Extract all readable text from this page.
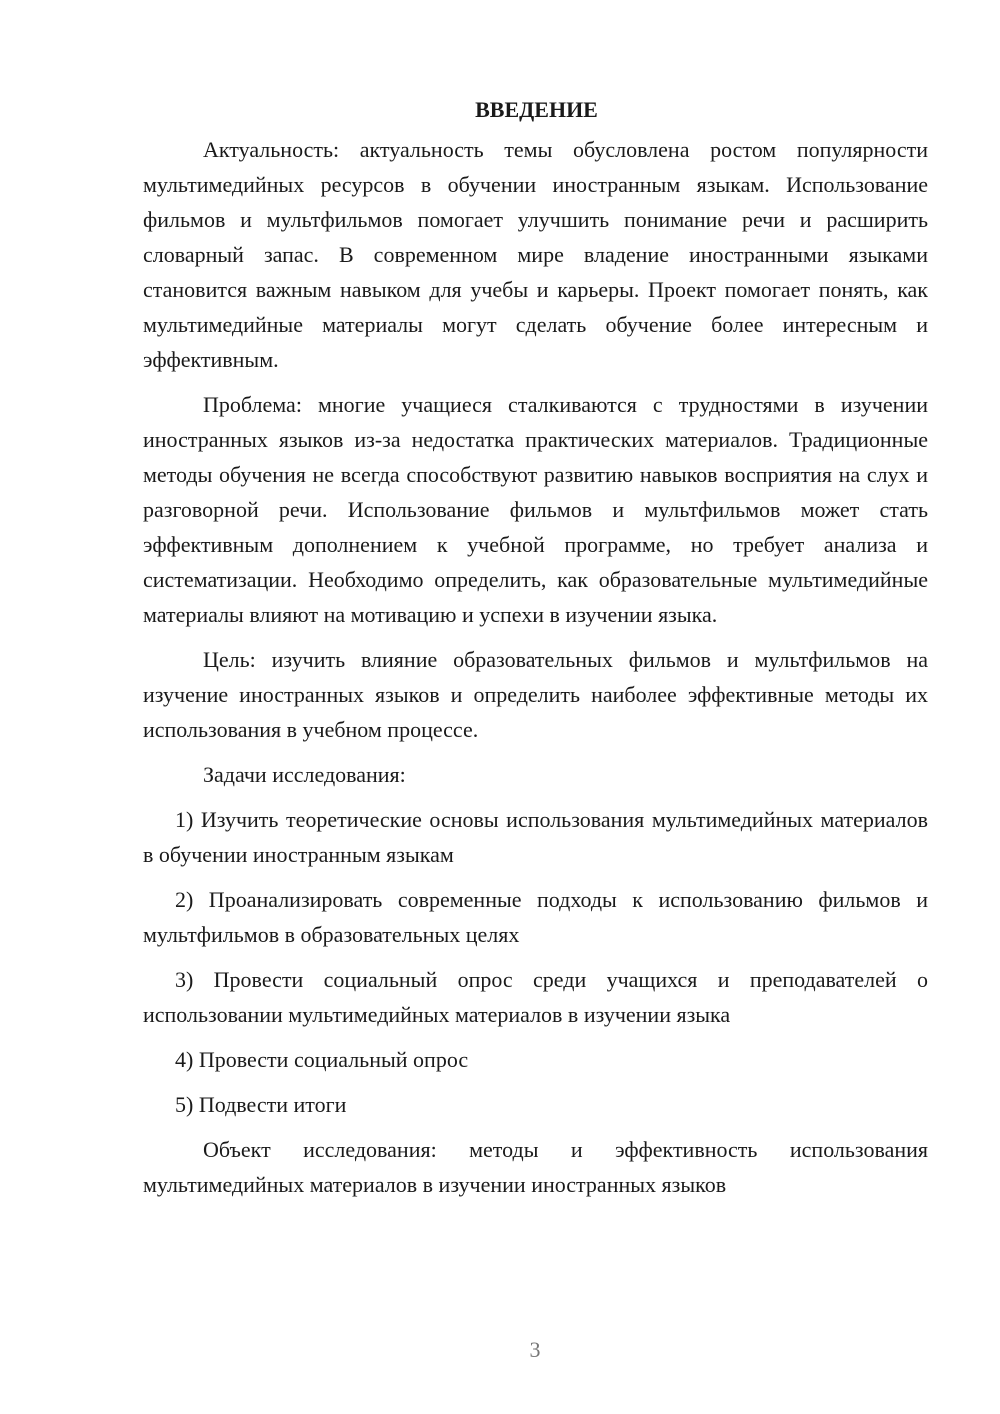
ВВЕДЕНИЕ
Актуальность: актуальность темы обусловлена ростом популярности мультимедийных ресурсов в обучении иностранным языкам. Использование фильмов и мультфильмов помогает улучшить понимание речи и расширить словарный запас. В современном мире владение иностранными языками становится важным навыком для учебы и карьеры. Проект помогает понять, как мультимедийные материалы могут сделать обучение более интересным и эффективным.
Проблема: многие учащиеся сталкиваются с трудностями в изучении иностранных языков из-за недостатка практических материалов. Традиционные методы обучения не всегда способствуют развитию навыков восприятия на слух и разговорной речи. Использование фильмов и мультфильмов может стать эффективным дополнением к учебной программе, но требует анализа и систематизации. Необходимо определить, как образовательные мультимедийные материалы влияют на мотивацию и успехи в изучении языка.
Цель: изучить влияние образовательных фильмов и мультфильмов на изучение иностранных языков и определить наиболее эффективные методы их использования в учебном процессе.
Задачи исследования:
1) Изучить теоретические основы использования мультимедийных материалов в обучении иностранным языкам
2) Проанализировать современные подходы к использованию фильмов и мультфильмов в образовательных целях
3) Провести социальный опрос среди учащихся и преподавателей о использовании мультимедийных материалов в изучении языка
4) Провести социальный опрос
5) Подвести итоги
Объект исследования: методы и эффективность использования мультимедийных материалов в изучении иностранных языков
3
